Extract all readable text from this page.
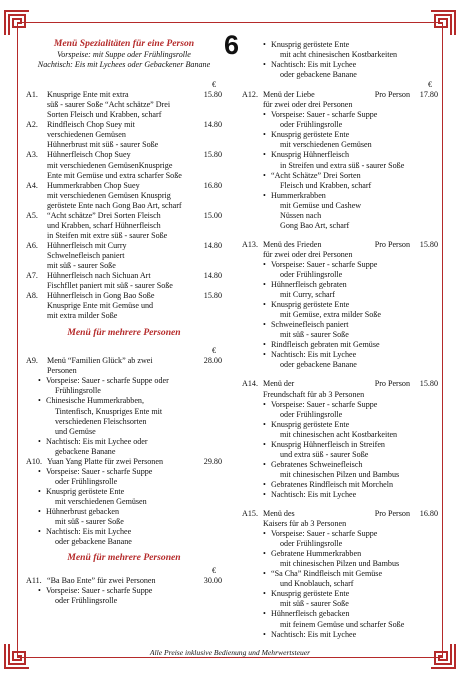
6
Menü Spezialitäten für eine Person
Vorspeise: mit Suppe oder Frühlingsrolle
Nachtisch: Eis mit Lychees oder Gebackener Banane
€
A1.	Knusprige Ente mit extra	15.80
süß - saurer Soße “Acht schätze” Drei
Sorten Fleisch und Krabben, scharf
A2.	Rindfleisch Chop Suey mit	14.80
verschiedenen Gemüsen
Hühnerbrust mit süß - saurer Soße
A3.	Hühnerfleisch Chop Suey	15.80
mit verschiedenen GemüsenKnusprige
Ente mit Gemüse und extra scharfer Soße
A4.	Hummerkrabben Chop Suey	16.80
mit verschiedenen Gemüsen Knusprig
geröstete Ente nach Gong Bao Art, scharf
A5.	“Acht schätze” Drei Sorten Fleisch	15.00
und Krabben, scharf Hühnerfleisch
in Steifen mit extre süß - saurer Soße
A6.	Hühnerfleisch mit Curry	14.80
Schwelnefleisch paniert
mit süß - saurer Soße
A7.	Hühnerfleisch nach Sichuan Art	14.80
Fischfllet paniert mit süß - saurer Soße
A8.	Hühnerfleisch in Gong Bao Soße	15.80
Knusprige Ente mit Gemüse und
mit extra milder Soße
Menü für mehrere Personen
€
A9.	Menü “Familien Glück” ab zwei	28.00
Personen
• Vorspeise: Sauer - scharfe Suppe oder
Frühlingsrolle
• Chinesische Hummerkrabben,
Tintenfisch, Knuspriges Ente mit
verschiedenen Fleischsorten
und Gemüse
• Nachtisch: Eis mit Lychee oder
gebackene Banane
A10. Yuan Yang Platte für zwei Personen	29.80
• Vorspeise: Sauer - scharfe Suppe
oder Frühlingsrolle
• Knusprig geröstete Ente
mit verschiedenen Gemüsen
• Hühnerbrust gebacken
mit süß - saurer Soße
• Nachtisch: Eis mit Lychee
oder gebackene Banane
Menü für mehrere Personen
€
A11. “Ba Bao Ente” für zwei Personen	30.00
• Vorspeise: Sauer - scharfe Suppe
oder Frühlingsrolle
• Knusprig geröstete Ente
mit acht chinesischen Kostbarkeiten
• Nachtisch: Eis mit Lychee
oder gebackene Banane
€
A12. Menü der Liebe	Pro Person	17.80
für zwei oder drei Personen
• Vorspeise: Sauer - scharfe Suppe
oder Frühlingsrolle
• Knusprig geröstete Ente
mit verschiedenen Gemüsen
• Knusprig Hühnerfleisch
in Streifen und extra süß - saurer Soße
• “Acht Schätze” Drei Sorten
Fleisch und Krabben, scharf
• Hummerkrabben
mit Gemüse und Cashew
Nüssen nach
Gong Bao Art, scharf
A13. Menü des Frieden	Pro Person	15.80
für zwei oder drei Personen
• Vorspeise: Sauer - scharfe Suppe
oder Frühlingsrolle
• Hühnerfleisch gebraten
mit Curry, scharf
• Knusprig geröstete Ente
mit Gemüse, extra milder Soße
• Schweinefleisch paniert
mit süß - saurer Soße
• Rindfleisch gebraten mit Gemüse
• Nachtisch: Eis mit Lychee
oder gebackene Banane
A14. Menü der	Pro Person	15.80
Freundschaft für ab 3 Personen
• Vorspeise: Sauer - scharfe Suppe
oder Frühlingsrolle
• Knusprig geröstete Ente
mit chinesischen acht Kostbarkeiten
• Knusprig Hühnerfleisch in Streifen
und extra süß - saurer Soße
• Gebratenes Schweinefleisch
mit chinesischen Pilzen und Bambus
• Gebratenes Rindfleisch mit Morcheln
• Nachtisch: Eis mit Lychee
A15. Menü des	Pro Person	16.80
Kaisers für ab 3 Personen
• Vorspeise: Sauer - scharfe Suppe
oder Frühlingsrolle
• Gebratene Hummerkrabben
mit chinesischen Pilzen und Bambus
• “Sa Cha” Rindfleisch mit Gemüse
und Knoblauch, scharf
• Knusprig geröstete Ente
mit süß - saurer Soße
• Hühnerfleisch gebacken
mit feinem Gemüse und scharfer Soße
• Nachtisch: Eis mit Lychee
Alle Preise inklusive Bedienung und Mehrwertsteuer
